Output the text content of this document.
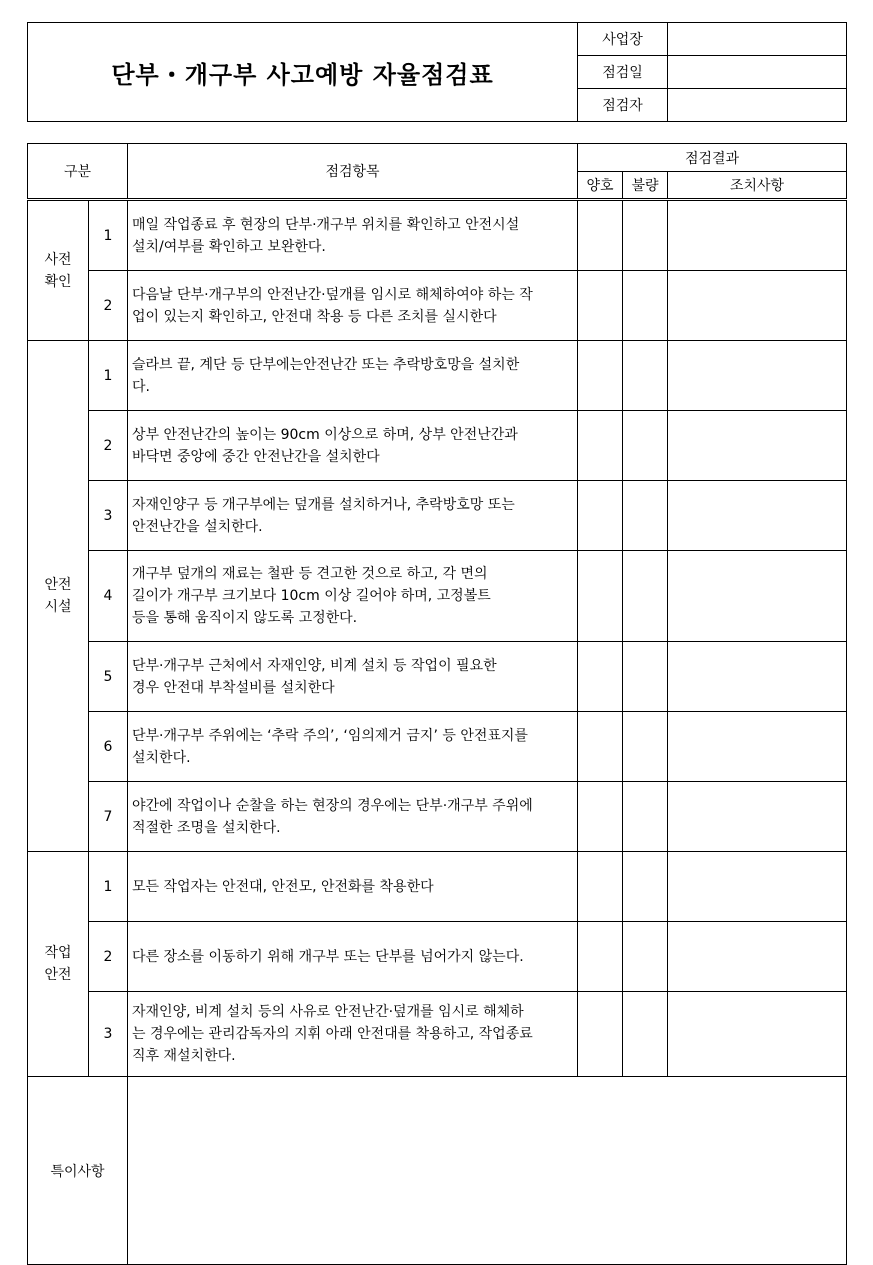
단부・개구부 사고예방 자율점검표	사업장	
	점검일	
	점검자	
구분		점검항목	점검결과		
			양호	불량	조치사항
사전
확인	1	매일 작업종료 후 현장의 단부·개구부 위치를 확인하고 안전시설
설치/여부를 확인하고 보완한다.			
	2	다음날 단부·개구부의 안전난간·덮개를 임시로 해체하여야 하는 작
업이 있는지 확인하고, 안전대 착용 등 다른 조치를 실시한다			
안전
시설	1	슬라브 끝, 계단 등 단부에는안전난간 또는 추락방호망을 설치한
다.			
	2	상부 안전난간의 높이는 90cm 이상으로 하며, 상부 안전난간과
바닥면 중앙에 중간 안전난간을 설치한다			
	3	자재인양구 등 개구부에는 덮개를 설치하거나, 추락방호망 또는
안전난간을 설치한다.			
	4	개구부 덮개의 재료는 철판 등 견고한 것으로 하고, 각 면의
길이가 개구부 크기보다 10cm 이상 길어야 하며, 고정볼트
등을 통해 움직이지 않도록 고정한다.			
	5	단부·개구부 근처에서 자재인양, 비계 설치 등 작업이 필요한
경우 안전대 부착설비를 설치한다			
	6	단부·개구부 주위에는 ‘추락 주의’, ‘임의제거 금지’ 등 안전표지를
설치한다.			
	7	야간에 작업이나 순찰을 하는 현장의 경우에는 단부·개구부 주위에
적절한 조명을 설치한다.			
작업
안전	1	모든 작업자는 안전대, 안전모, 안전화를 착용한다			
	2	다른 장소를 이동하기 위해 개구부 또는 단부를 넘어가지 않는다.			
	3	자재인양, 비계 설치 등의 사유로 안전난간·덮개를 임시로 해체하
는 경우에는 관리감독자의 지휘 아래 안전대를 착용하고, 작업종료
직후 재설치한다.			
특이사항					
